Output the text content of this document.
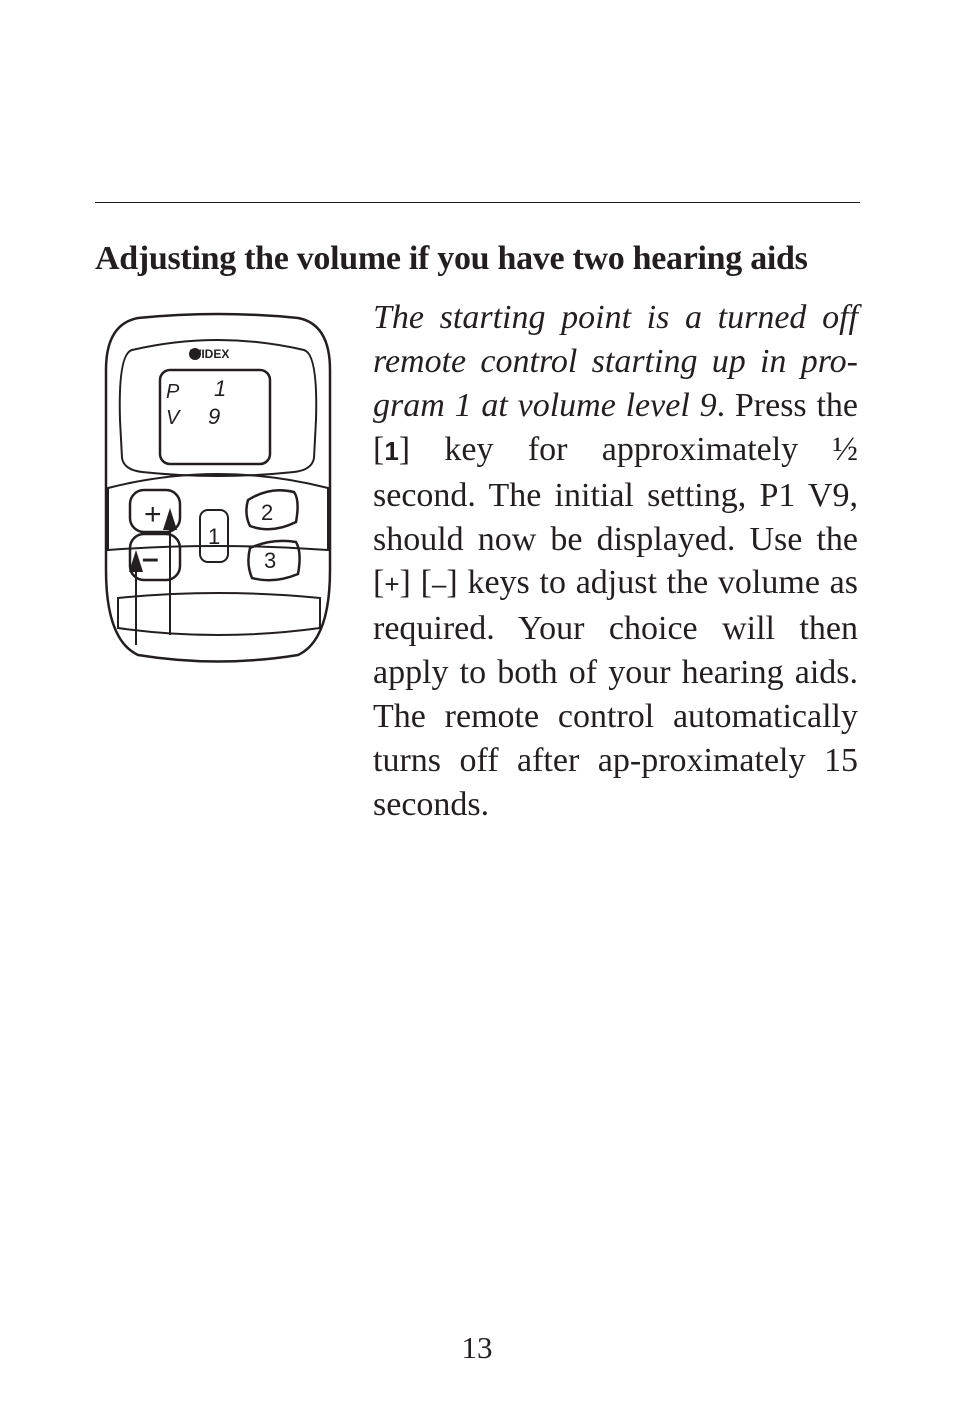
Adjusting the volume if you have two hearing aids
WIDEX
P 1
V 9
+
–
1
2
3

The starting point is a turned off remote control starting up in pro-gram 1 at volume level 9. Press the [1] key for approximately ½ second. The initial setting, P1 V9, should now be displayed. Use the [+] [–] keys to adjust the volume as required. Your choice will then apply to both of your hearing aids. The remote control automatically turns off after ap-proximately 15 seconds.

13
